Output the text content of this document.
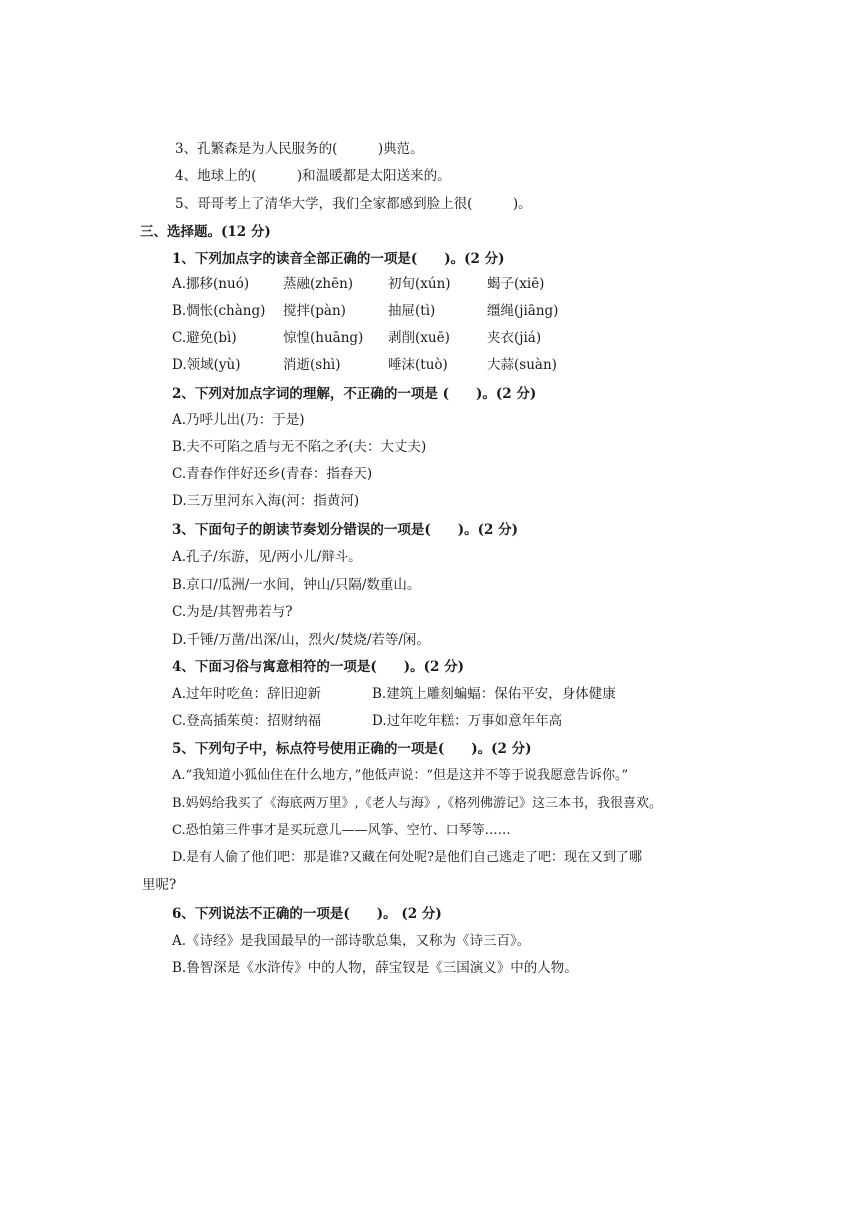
3、孔繁森是为人民服务的(　　　)典范。
4、地球上的(　　　)和温暖都是太阳送来的。
5、哥哥考上了清华大学，我们全家都感到脸上很(　　　)。
三、选择题。(12 分)
1、下列加点字的读音全部正确的一项是(　　)。(2 分)
A.挪移(nuó)	蒸融(zhēn)	初旬(xún)	蝎子(xiē)
B.惆怅(chàng) 搅拌(pàn)	抽屉(tì)	缰绳(jiāng)
C.避免(bì)	惊惶(huāng) 剥削(xuē)	夹衣(jiá)
D.领域(yù)	消逝(shì)	唾沫(tuò)	大蒜(suàn)
2、下列对加点字词的理解，不正确的一项是 (　　)。(2 分)
A.乃呼儿出(乃：于是)
B.夫不可陷之盾与无不陷之矛(夫：大丈夫)
C.青春作伴好还乡(青春：指春天)
D.三万里河东入海(河：指黄河)
3、下面句子的朗读节奏划分错误的一项是(　　)。(2 分)
A.孔子/东游，见/两小儿/辩斗。
B.京口/瓜洲/一水间，钟山/只隔/数重山。
C.为是/其智弗若与?
D.千锤/万凿/出深/山，烈火/焚烧/若等/闲。
4、下面习俗与寓意相符的一项是(　　)。(2 分)
A.过年时吃鱼：辞旧迎新	B.建筑上雕刻蝙蝠：保佑平安，身体健康
C.登高插茱萸：招财纳福	D.过年吃年糕：万事如意年年高
5、下列句子中，标点符号使用正确的一项是(　　)。(2 分)
A.“我知道小狐仙住在什么地方，”他低声说：“但是这并不等于说我愿意告诉你。”
B.妈妈给我买了《海底两万里》,《老人与海》,《格列佛游记》这三本书，我很喜欢。
C.恐怕第三件事才是买玩意儿——风筝、空竹、口琴等……
D.是有人偷了他们吧：那是谁?又藏在何处呢?是他们自己逃走了吧：现在又到了哪
里呢?
6、下列说法不正确的一项是(　　)。 (2 分)
A.《诗经》是我国最早的一部诗歌总集，又称为《诗三百》。
B.鲁智深是《水浒传》中的人物，薛宝钗是《三国演义》中的人物。
